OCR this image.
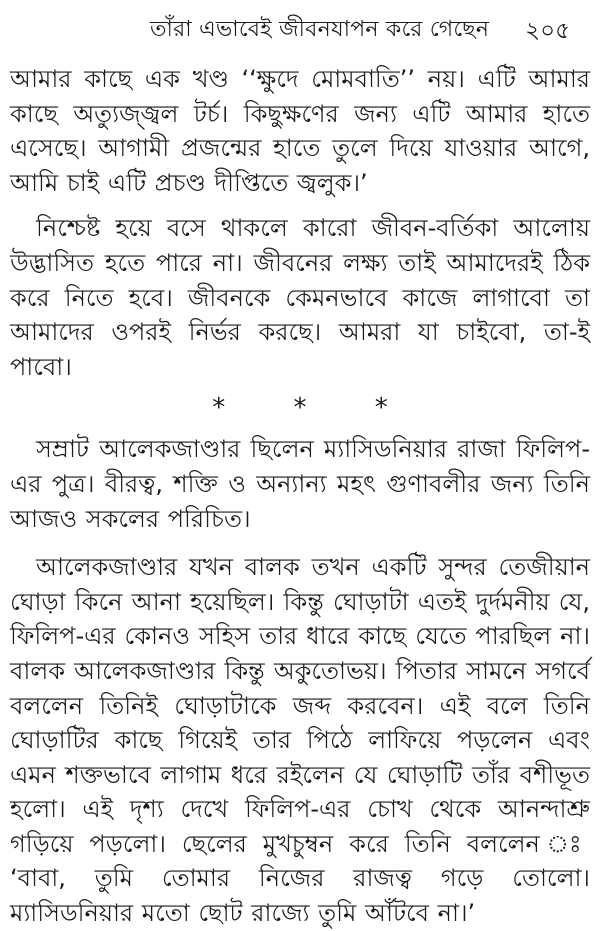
তাঁরা এভাবেই জীবনযাপন করে গেছেন ২০৫

আমার কাছে এক খণ্ড ‘‘ক্ষুদে মোমবাতি’’ নয়। এটি আমার কাছে অত্যুজ্জ্বল টর্চ। কিছুক্ষণের জন্য এটি আমার হাতে এসেছে। আগামী প্রজন্মের হাতে তুলে দিয়ে যাওয়ার আগে, আমি চাই এটি প্রচণ্ড দীপ্তিতে জ্বলুক।’

নিশ্চেষ্ট হয়ে বসে থাকলে কারো জীবন-বর্তিকা আলোয় উদ্ভাসিত হতে পারে না। জীবনের লক্ষ্য তাই আমাদেরই ঠিক করে নিতে হবে। জীবনকে কেমনভাবে কাজে লাগাবো তা আমাদের ওপরই নির্ভর করছে। আমরা যা চাইবো, তা-ই পাবো।

*	*	*

সম্রাট আলেকজাণ্ডার ছিলেন ম্যাসিডনিয়ার রাজা ফিলিপ-এর পুত্র। বীরত্ব, শক্তি ও অন্যান্য মহৎ গুণাবলীর জন্য তিনি আজও সকলের পরিচিত।

আলেকজাণ্ডার যখন বালক তখন একটি সুন্দর তেজীয়ান ঘোড়া কিনে আনা হয়েছিল। কিন্তু ঘোড়াটা এতই দুর্দমনীয় যে, ফিলিপ-এর কোনও সহিস তার ধারে কাছে যেতে পারছিল না। বালক আলেকজাণ্ডার কিন্তু অকুতোভয়। পিতার সামনে সগর্বে বললেন তিনিই ঘোড়াটাকে জব্দ করবেন। এই বলে তিনি ঘোড়াটির কাছে গিয়েই তার পিঠে লাফিয়ে পড়লেন এবং এমন শক্তভাবে লাগাম ধরে রইলেন যে ঘোড়াটি তাঁর বশীভূত হলো। এই দৃশ্য দেখে ফিলিপ-এর চোখ থেকে আনন্দাশ্রু গড়িয়ে পড়লো। ছেলের মুখচুম্বন করে তিনি বললেন ঃ ‘বাবা, তুমি তোমার নিজের রাজত্ব গড়ে তোলো। ম্যাসিডনিয়ার মতো ছোট রাজ্যে তুমি আঁটবে না।’
